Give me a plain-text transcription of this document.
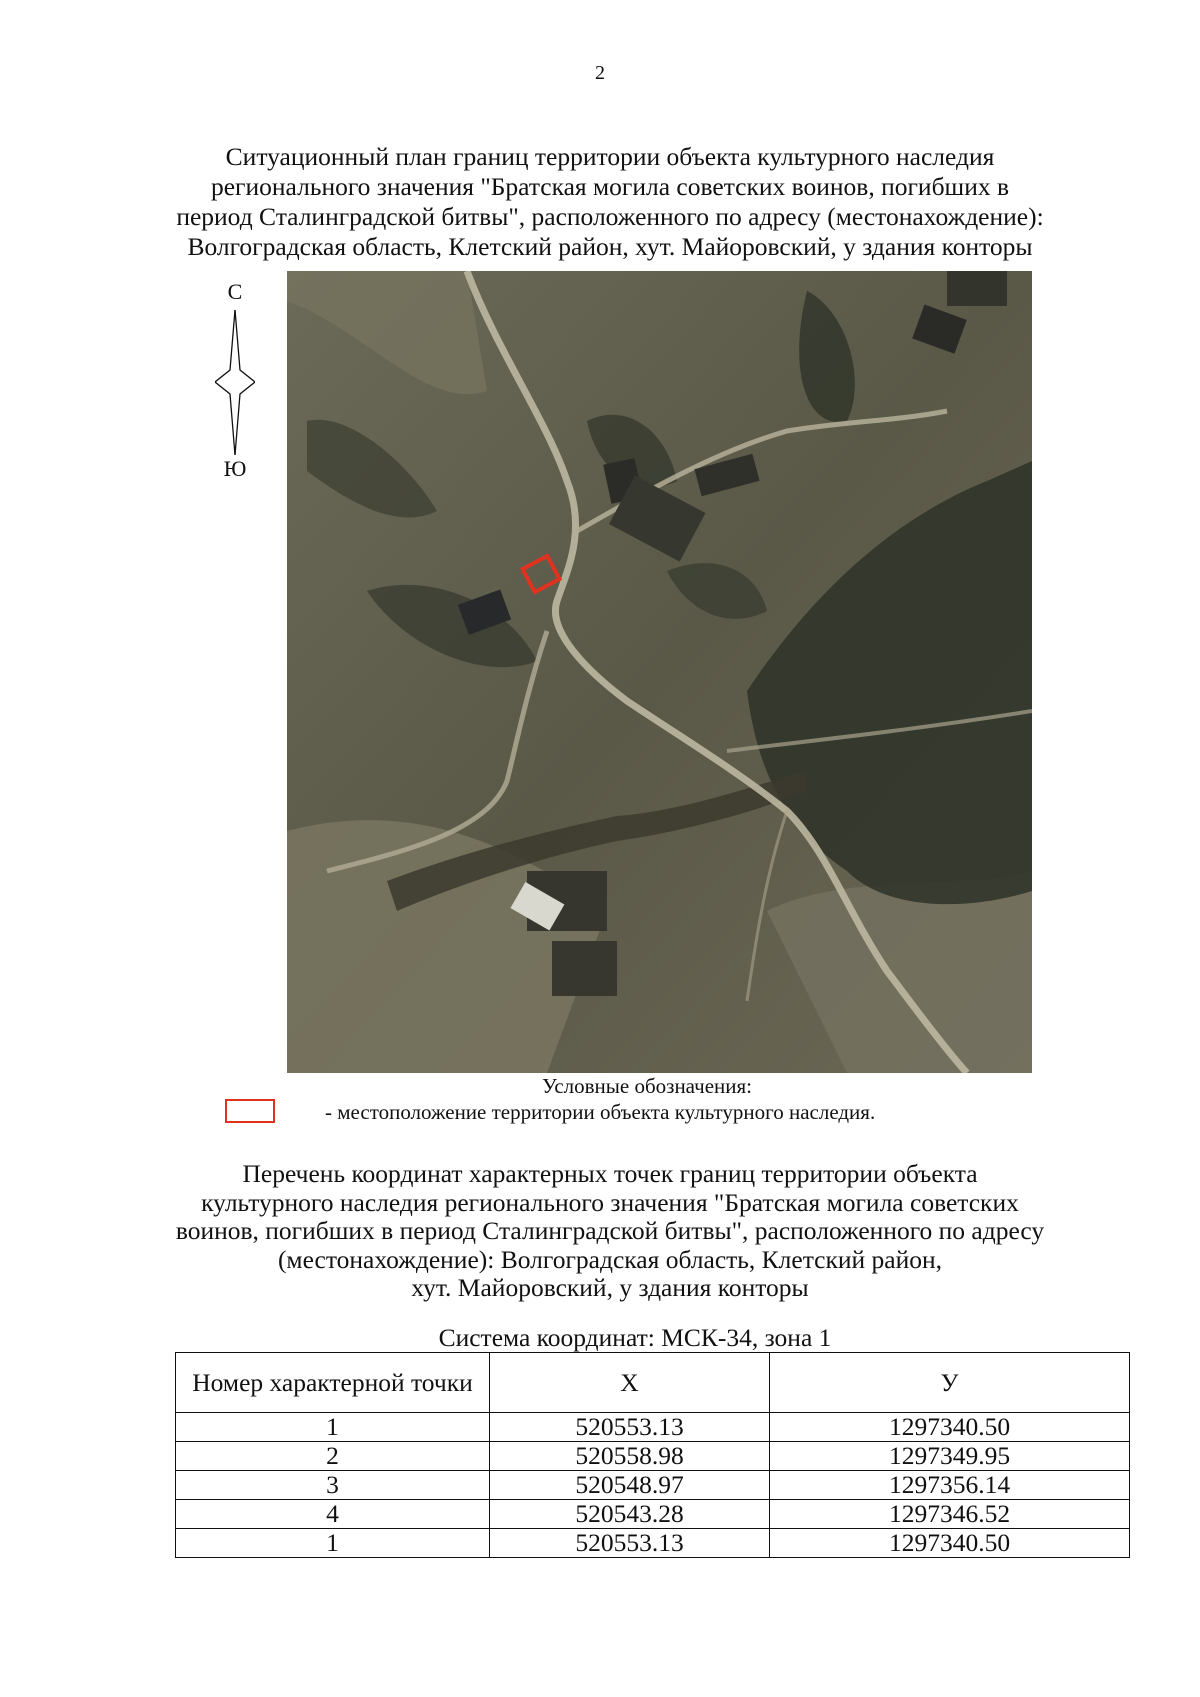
2
Ситуационный план границ территории объекта культурного наследия
регионального значения "Братская могила советских воинов, погибших в
период Сталинградской битвы", расположенного по адресу (местонахождение):
Волгоградская область, Клетский район, хут. Майоровский, у здания конторы
С
Ю
Условные обозначения:
- местоположение территории объекта культурного наследия.
Перечень координат характерных точек границ территории объекта
культурного наследия регионального значения "Братская могила советских
воинов, погибших в период Сталинградской битвы", расположенного по адресу
(местонахождение): Волгоградская область, Клетский район,
хут. Майоровский, у здания конторы
Система координат: МСК-34, зона 1
Номер характерной точки	X	У
1	520553.13	1297340.50
2	520558.98	1297349.95
3	520548.97	1297356.14
4	520543.28	1297346.52
1	520553.13	1297340.50
